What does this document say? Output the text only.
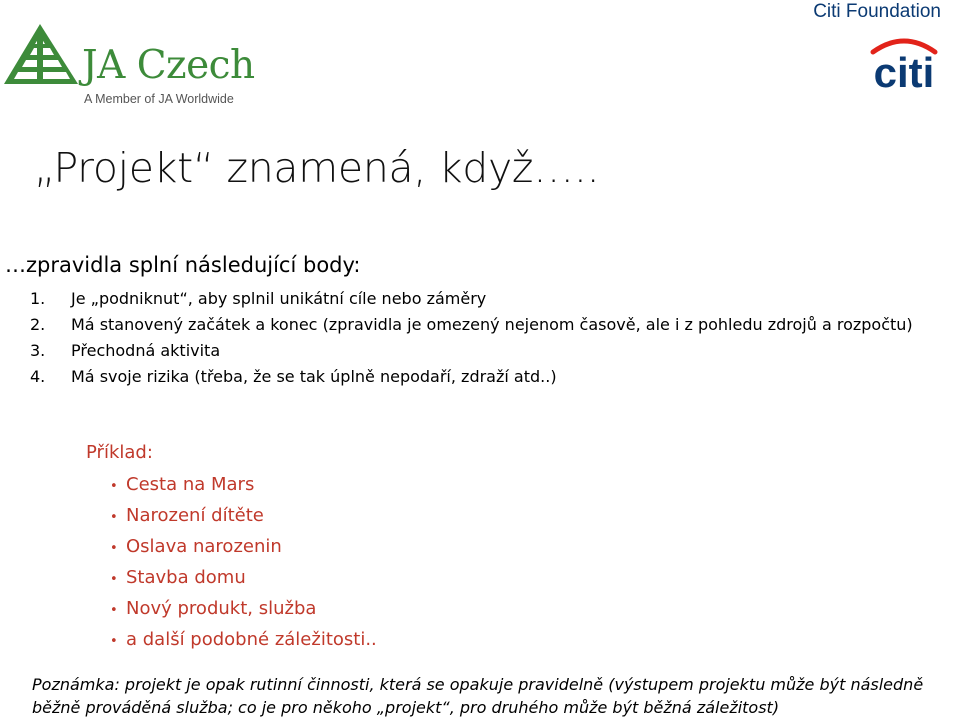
JA Czech
A Member of JA Worldwide
Citi Foundation
citi
„Projekt“ znamená, když…..
…zpravidla splní následující body:
1.	Je „podniknut“, aby splnil unikátní cíle nebo záměry
2.	Má stanovený začátek a konec (zpravidla je omezený nejenom časově, ale i z pohledu zdrojů a rozpočtu)
3.	Přechodná aktivita
4.	Má svoje rizika (třeba, že se tak úplně nepodaří, zdraží atd..)
Příklad:
• Cesta na Mars
• Narození dítěte
• Oslava narozenin
• Stavba domu
• Nový produkt, služba
• a další podobné záležitosti..
Poznámka: projekt je opak rutinní činnosti, která se opakuje pravidelně (výstupem projektu může být následně běžně prováděná služba; co je pro někoho „projekt“, pro druhého může být běžná záležitost)
